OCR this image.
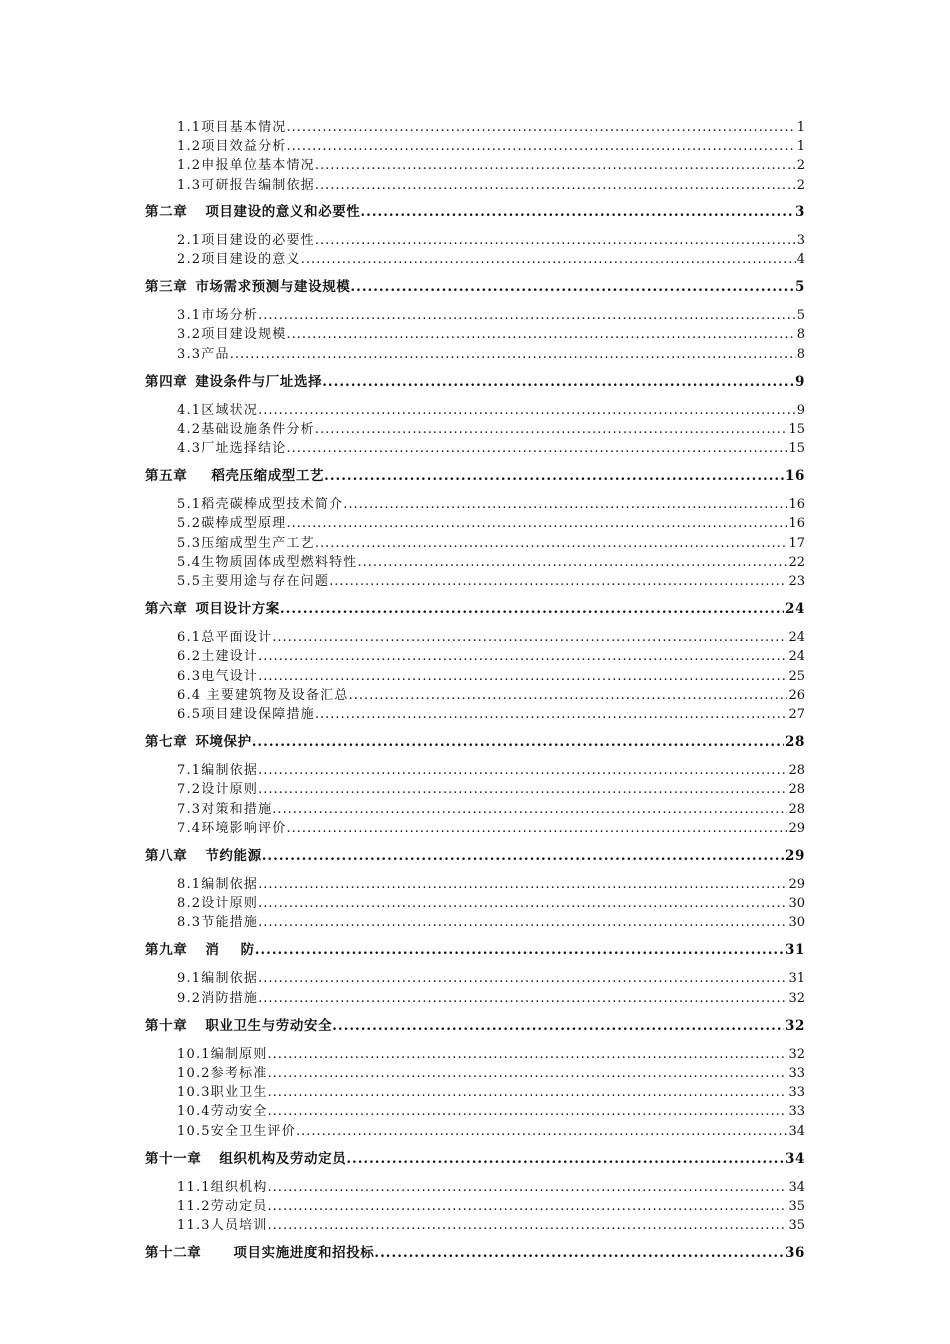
1.1项目基本情况 .....	1
1.2项目效益分析 .....	1
1.2申报单位基本情况 .....	2
1.3可研报告编制依据 .....	2
第二章 项目建设的意义和必要性 .....	3
2.1项目建设的必要性 .....	3
2.2项目建设的意义 .....	4
第三章 市场需求预测与建设规模 .....	5
3.1市场分析 .....	5
3.2项目建设规模 .....	8
3.3产品 .....	8
第四章 建设条件与厂址选择 .....	9
4.1区域状况 .....	9
4.2基础设施条件分析 .....	15
4.3厂址选择结论 .....	15
第五章 稻壳压缩成型工艺 .....	16
5.1稻壳碳棒成型技术简介 .....	16
5.2碳棒成型原理 .....	16
5.3压缩成型生产工艺 .....	17
5.4生物质固体成型燃料特性 .....	22
5.5主要用途与存在问题 .....	23
第六章 项目设计方案 .....	24
6.1总平面设计 .....	24
6.2土建设计 .....	24
6.3电气设计 .....	25
6.4 主要建筑物及设备汇总 .....	26
6.5项目建设保障措施 .....	27
第七章 环境保护 .....	28
7.1编制依据 .....	28
7.2设计原则 .....	28
7.3对策和措施 .....	28
7.4环境影响评价 .....	29
第八章 节约能源 .....	29
8.1编制依据 .....	29
8.2设计原则 .....	30
8.3节能措施 .....	30
第九章 消    防 .....	31
9.1编制依据 .....	31
9.2消防措施 .....	32
第十章 职业卫生与劳动安全 .....	32
10.1编制原则 .....	32
10.2参考标准 .....	33
10.3职业卫生 .....	33
10.4劳动安全 .....	33
10.5安全卫生评价 .....	34
第十一章 组织机构及劳动定员 .....	34
11.1组织机构 .....	34
11.2劳动定员 .....	35
11.3人员培训 .....	35
第十二章 项目实施进度和招投标 .....	36
